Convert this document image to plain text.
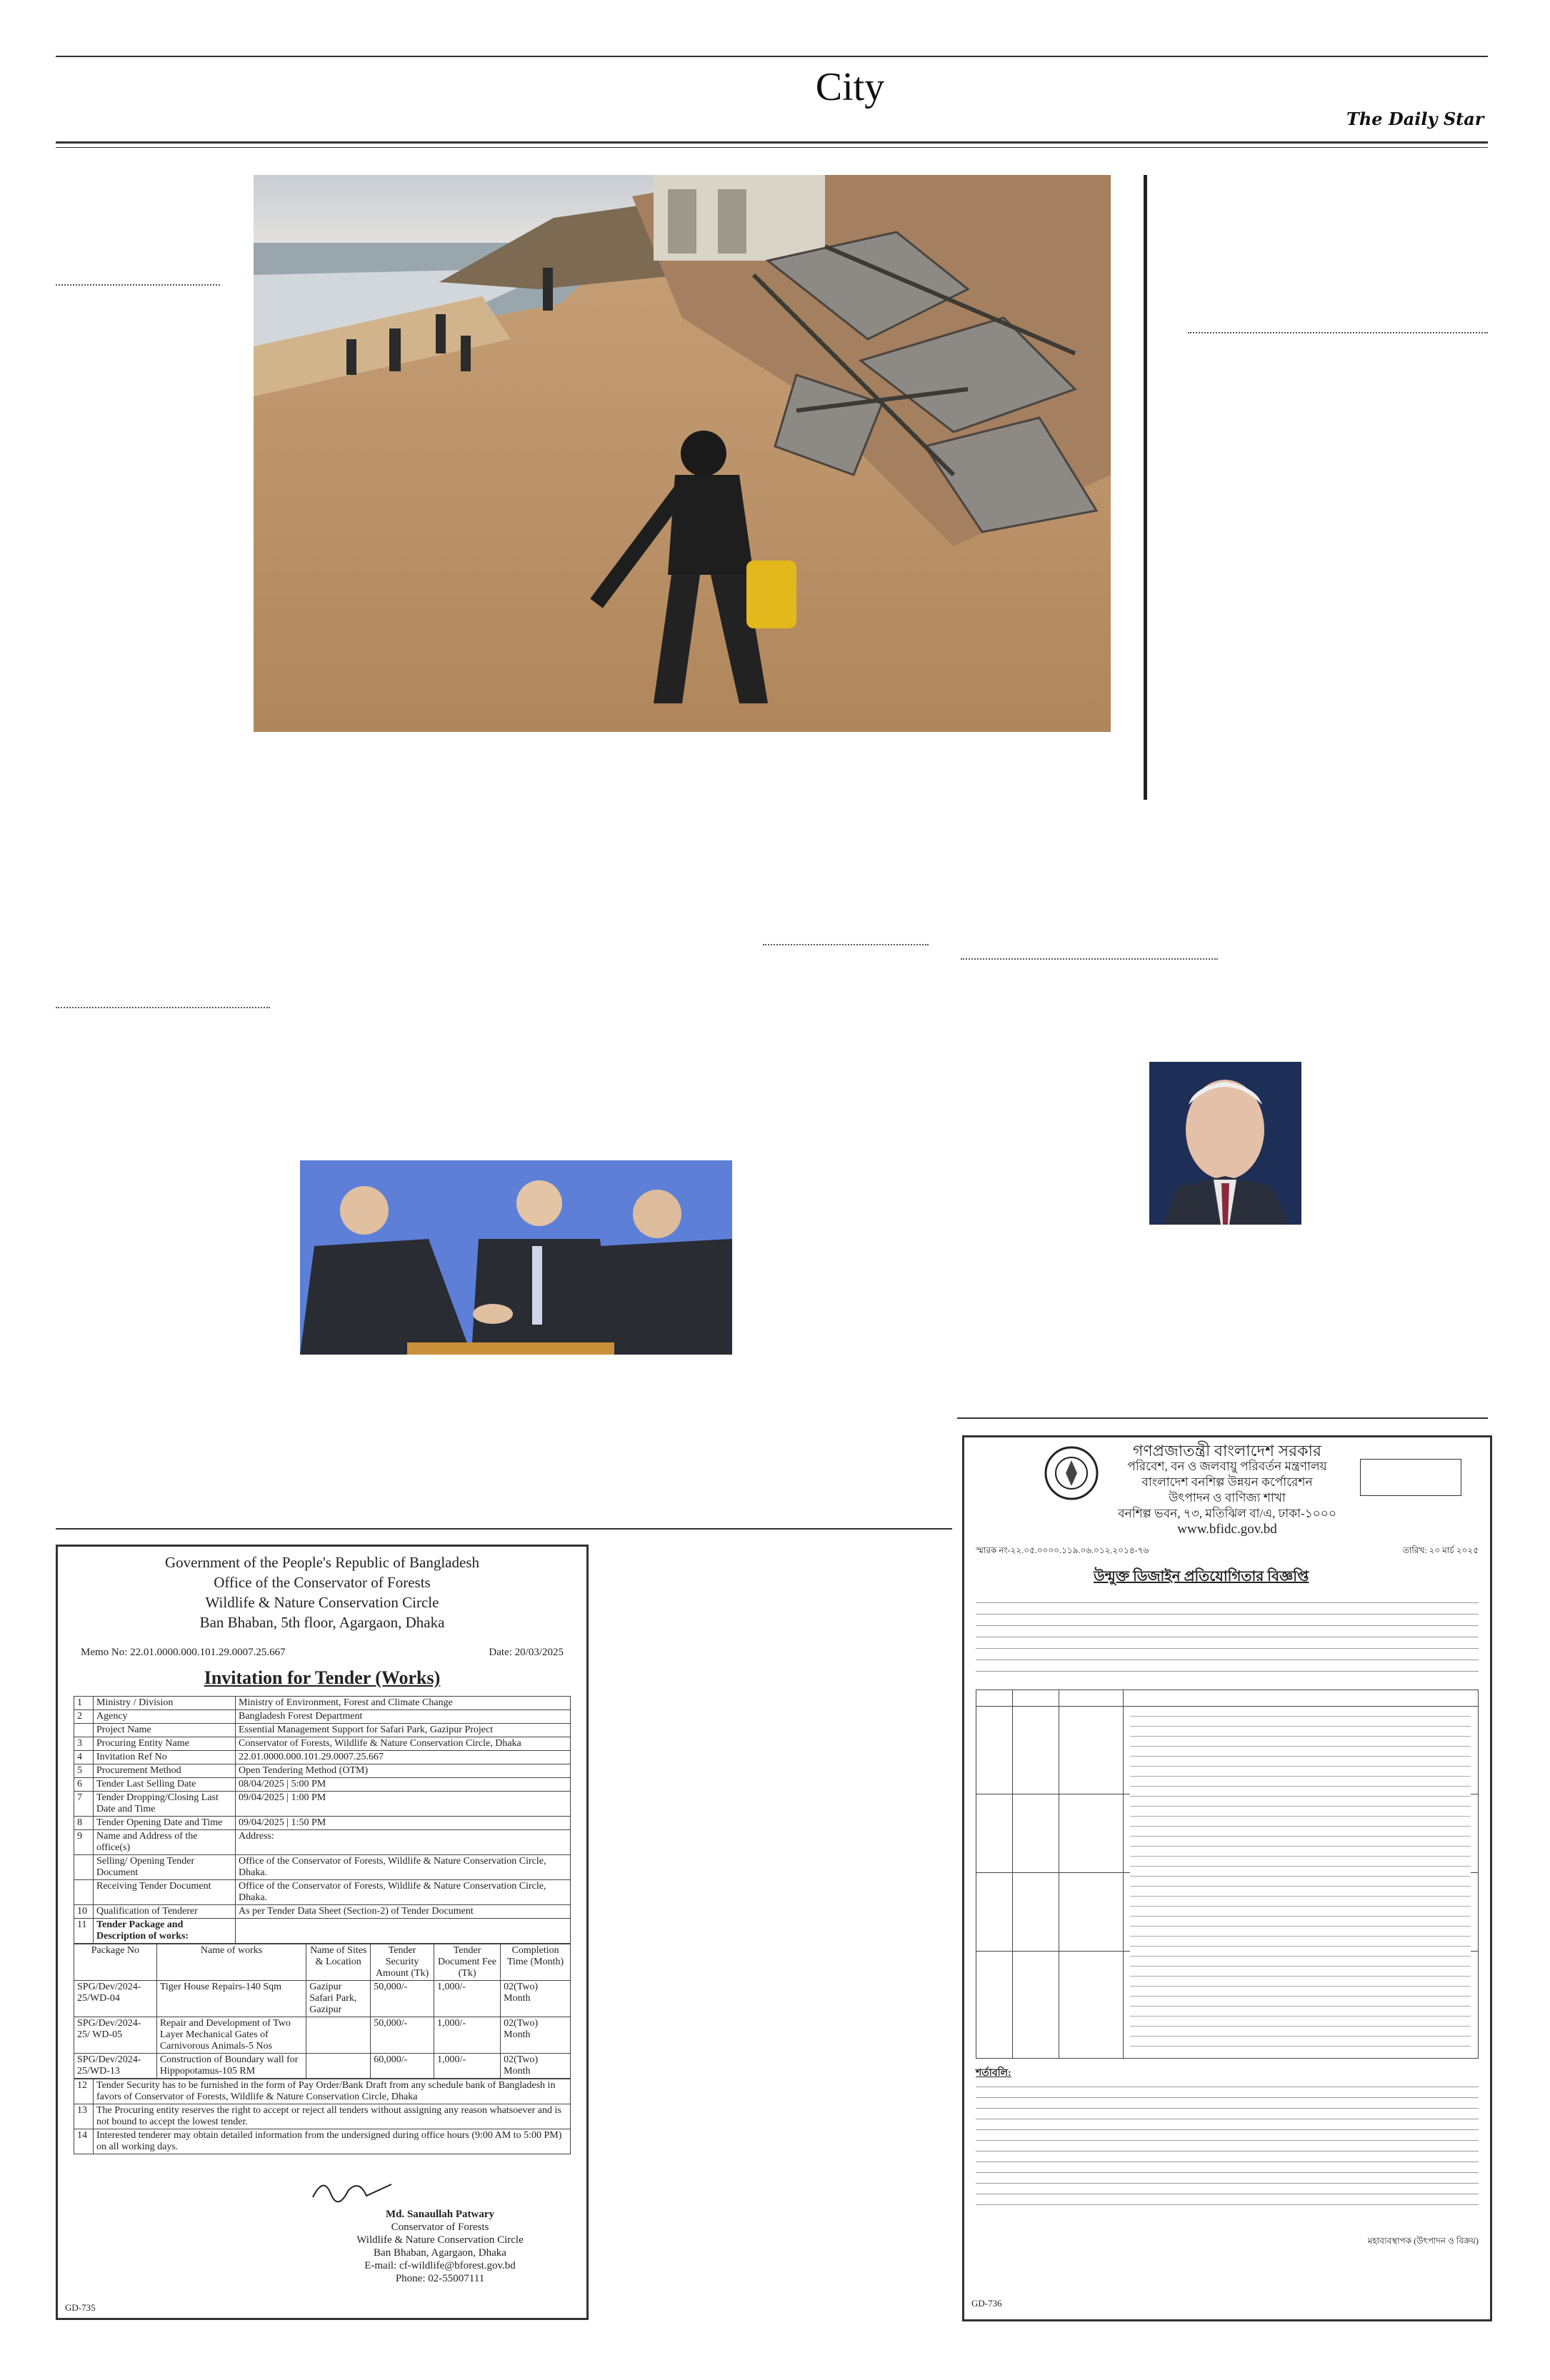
City
The Daily Star
Government of the People's Republic of Bangladesh
Office of the Conservator of Forests
Wildlife & Nature Conservation Circle
Ban Bhaban, 5th floor, Agargaon, Dhaka
Memo No: 22.01.0000.000.101.29.0007.25.667	Date: 20/03/2025
Invitation for Tender (Works)
1	Ministry / Division	Ministry of Environment, Forest and Climate Change
2	Agency	Bangladesh Forest Department
	Project Name	Essential Management Support for Safari Park, Gazipur Project
3	Procuring Entity Name	Conservator of Forests, Wildlife & Nature Conservation Circle, Dhaka
4	Invitation Ref No	22.01.0000.000.101.29.0007.25.667
5	Procurement Method	Open Tendering Method (OTM)
6	Tender Last Selling Date	08/04/2025 | 5:00 PM
7	Tender Dropping/Closing Last Date and Time	09/04/2025 | 1:00 PM
8	Tender Opening Date and Time	09/04/2025 | 1:50 PM
9	Name and Address of the office(s)	Address:
	Selling/ Opening Tender Document	Office of the Conservator of Forests, Wildlife & Nature Conservation Circle, Dhaka.
	Receiving Tender Document	Office of the Conservator of Forests, Wildlife & Nature Conservation Circle, Dhaka.
10	Qualification of Tenderer	As per Tender Data Sheet (Section-2) of Tender Document
11	Tender Package and Description of works:	
Package No	Name of works	Name of Sites & Location	Tender Security Amount (Tk)	Tender Document Fee (Tk)	Completion Time (Month)
SPG/Dev/2024-25/WD-04	Tiger House Repairs-140 Sqm	Gazipur Safari Park, Gazipur	50,000/-	1,000/-	02(Two) Month
SPG/Dev/2024-25/ WD-05	Repair and Development of Two Layer Mechanical Gates of Carnivorous Animals-5 Nos		50,000/-	1,000/-	02(Two) Month
SPG/Dev/2024-25/WD-13	Construction of Boundary wall for Hippopotamus-105 RM		60,000/-	1,000/-	02(Two) Month
12	Tender Security has to be furnished in the form of Pay Order/Bank Draft from any schedule bank of Bangladesh in favors of Conservator of Forests, Wildlife & Nature Conservation Circle, Dhaka
13	The Procuring entity reserves the right to accept or reject all tenders without assigning any reason whatsoever and is not bound to accept the lowest tender.
14	Interested tenderer may obtain detailed information from the undersigned during office hours (9:00 AM to 5:00 PM) on all working days.
Md. Sanaullah Patwary
Conservator of Forests
Wildlife & Nature Conservation Circle
Ban Bhaban, Agargaon, Dhaka
E-mail: cf-wildlife@bforest.gov.bd
Phone: 02-55007111
GD-735
গণপ্রজাতন্ত্রী বাংলাদেশ সরকার
পরিবেশ, বন ও জলবায়ু পরিবর্তন মন্ত্রণালয়
বাংলাদেশ বনশিল্প উন্নয়ন কর্পোরেশন
উৎপাদন ও বাণিজ্য শাখা
বনশিল্প ভবন, ৭৩, মতিঝিল বা/এ, ঢাকা-১০০০
www.bfidc.gov.bd
স্মারক নং-২২.০৫.০০০০.১১৯.০৬.০১২.২০১৪-৭৬	তারিখ: ২০ মার্চ ২০২৫
উন্মুক্ত ডিজাইন প্রতিযোগিতার বিজ্ঞপ্তি
শর্তাবলি:
মহাব্যবস্থাপক (উৎপাদন ও বিক্রয়)
GD-736
